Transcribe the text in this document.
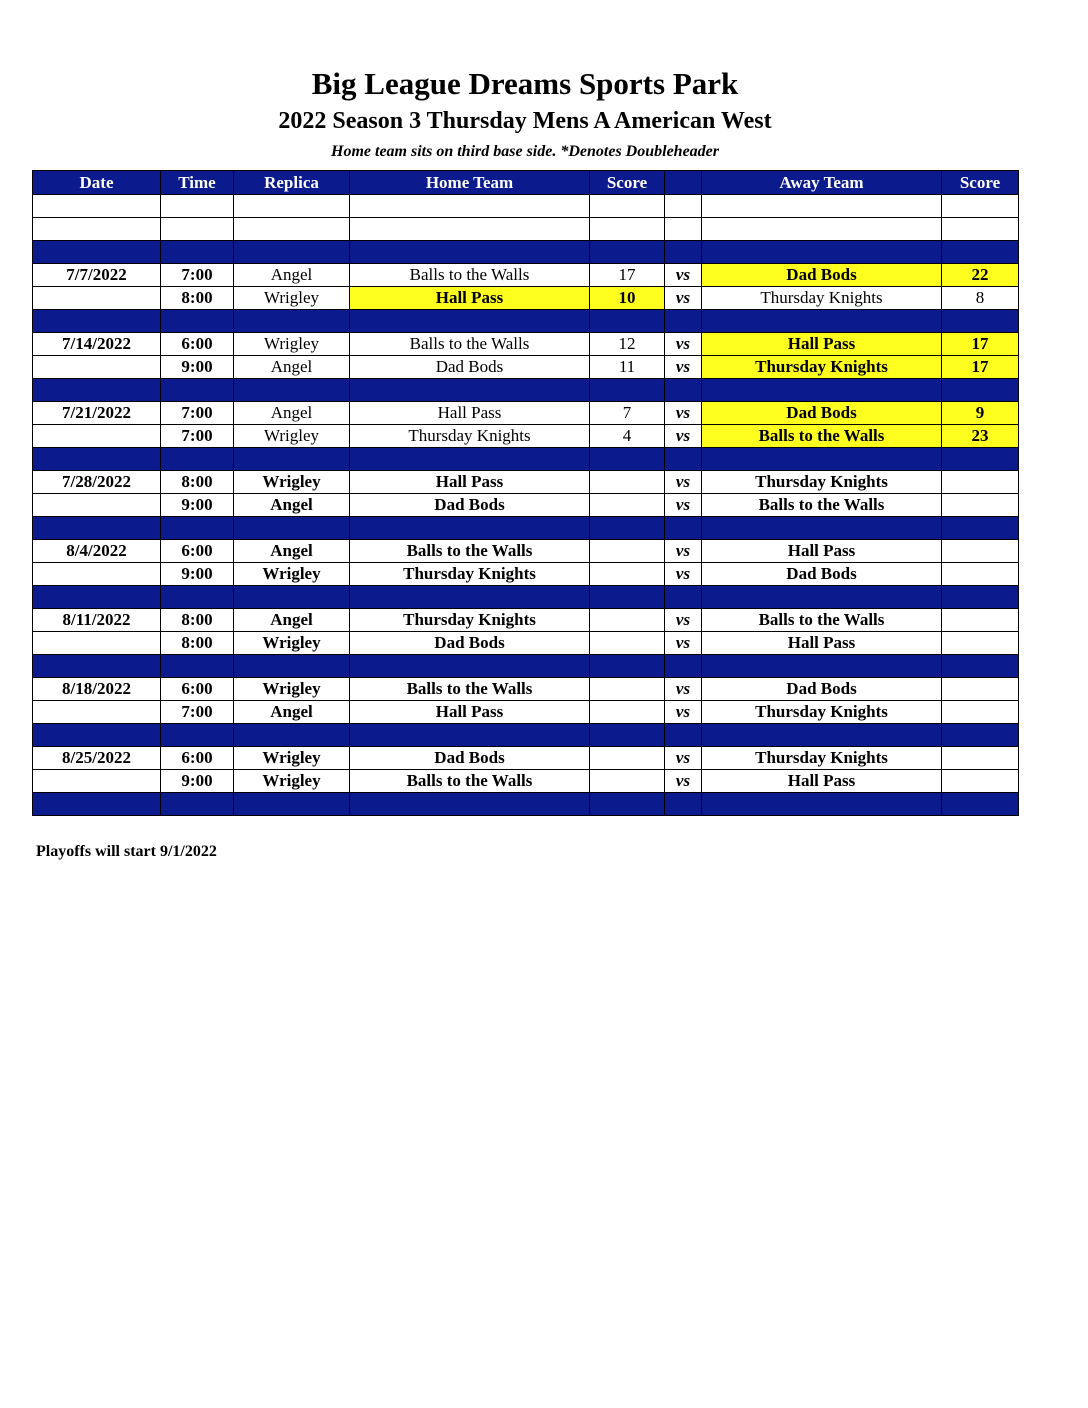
Big League Dreams Sports Park
2022 Season 3 Thursday Mens A American West
Home team sits on third base side. *Denotes Doubleheader
Date	Time	Replica	Home Team	Score		Away Team	Score

7/7/2022	7:00	Angel	Balls to the Walls	17	vs	Dad Bods	22
	8:00	Wrigley	Hall Pass	10	vs	Thursday Knights	8

7/14/2022	6:00	Wrigley	Balls to the Walls	12	vs	Hall Pass	17
	9:00	Angel	Dad Bods	11	vs	Thursday Knights	17

7/21/2022	7:00	Angel	Hall Pass	7	vs	Dad Bods	9
	7:00	Wrigley	Thursday Knights	4	vs	Balls to the Walls	23

7/28/2022	8:00	Wrigley	Hall Pass		vs	Thursday Knights	
	9:00	Angel	Dad Bods		vs	Balls to the Walls	

8/4/2022	6:00	Angel	Balls to the Walls		vs	Hall Pass	
	9:00	Wrigley	Thursday Knights		vs	Dad Bods	

8/11/2022	8:00	Angel	Thursday Knights		vs	Balls to the Walls	
	8:00	Wrigley	Dad Bods		vs	Hall Pass	

8/18/2022	6:00	Wrigley	Balls to the Walls		vs	Dad Bods	
	7:00	Angel	Hall Pass		vs	Thursday Knights	

8/25/2022	6:00	Wrigley	Dad Bods		vs	Thursday Knights	
	9:00	Wrigley	Balls to the Walls		vs	Hall Pass	

Playoffs will start 9/1/2022
